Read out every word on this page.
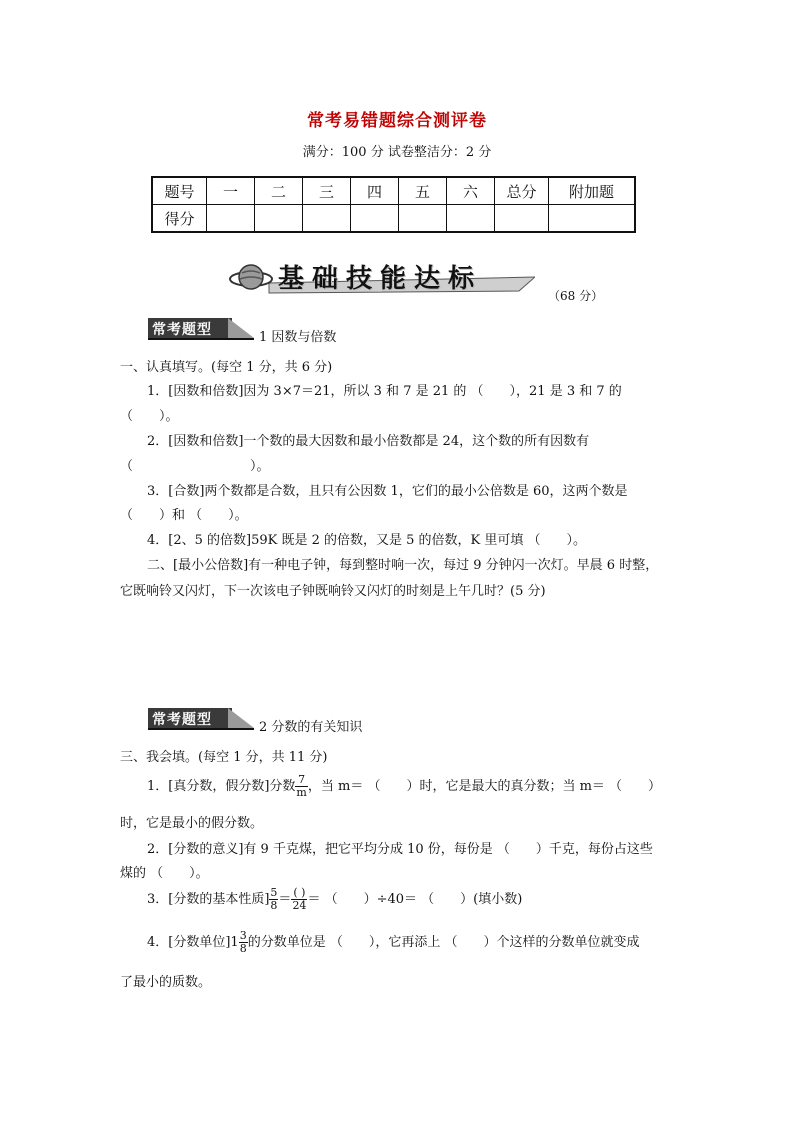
常考易错题综合测评卷
满分：100 分 试卷整洁分：2 分
题号	一	二	三	四	五	六	总分	附加题
得分								
基础技能达标
（68 分）
常考题型	1 因数与倍数
一、认真填写。(每空 1 分，共 6 分)
1．[因数和倍数]因为 3×7＝21，所以 3 和 7 是 21 的 （　　），21 是 3 和 7 的
（　　）。
2．[因数和倍数]一个数的最大因数和最小倍数都是 24，这个数的所有因数有
（　　　　　　　　　）。
3．[合数]两个数都是合数，且只有公因数 1，它们的最小公倍数是 60，这两个数是
（　　）和 （　　）。
4．[2、5 的倍数]59K 既是 2 的倍数，又是 5 的倍数，K 里可填 （　　）。
二、[最小公倍数]有一种电子钟，每到整时响一次，每过 9 分钟闪一次灯。早晨 6 时整，
它既响铃又闪灯，下一次该电子钟既响铃又闪灯的时刻是上午几时？(5 分)
常考题型	2 分数的有关知识
三、我会填。(每空 1 分，共 11 分)
1．[真分数，假分数]分数 $\frac{7}{m}$ ，当 m＝ （　　）时，它是最大的真分数；当 m＝ （　　）
时，它是最小的假分数。
2．[分数的意义]有 9 千克煤，把它平均分成 10 份，每份是 （　　）千克，每份占这些
煤的 （　　）。
3．[分数的基本性质] $\frac{5}{8} = \frac{( )}{24}$ ＝ （　　）÷40＝ （　　）(填小数)
4．[分数单位]$1 \frac{3}{8}$ 的分数单位是 （　　），它再添上 （　　）个这样的分数单位就变成
了最小的质数。
